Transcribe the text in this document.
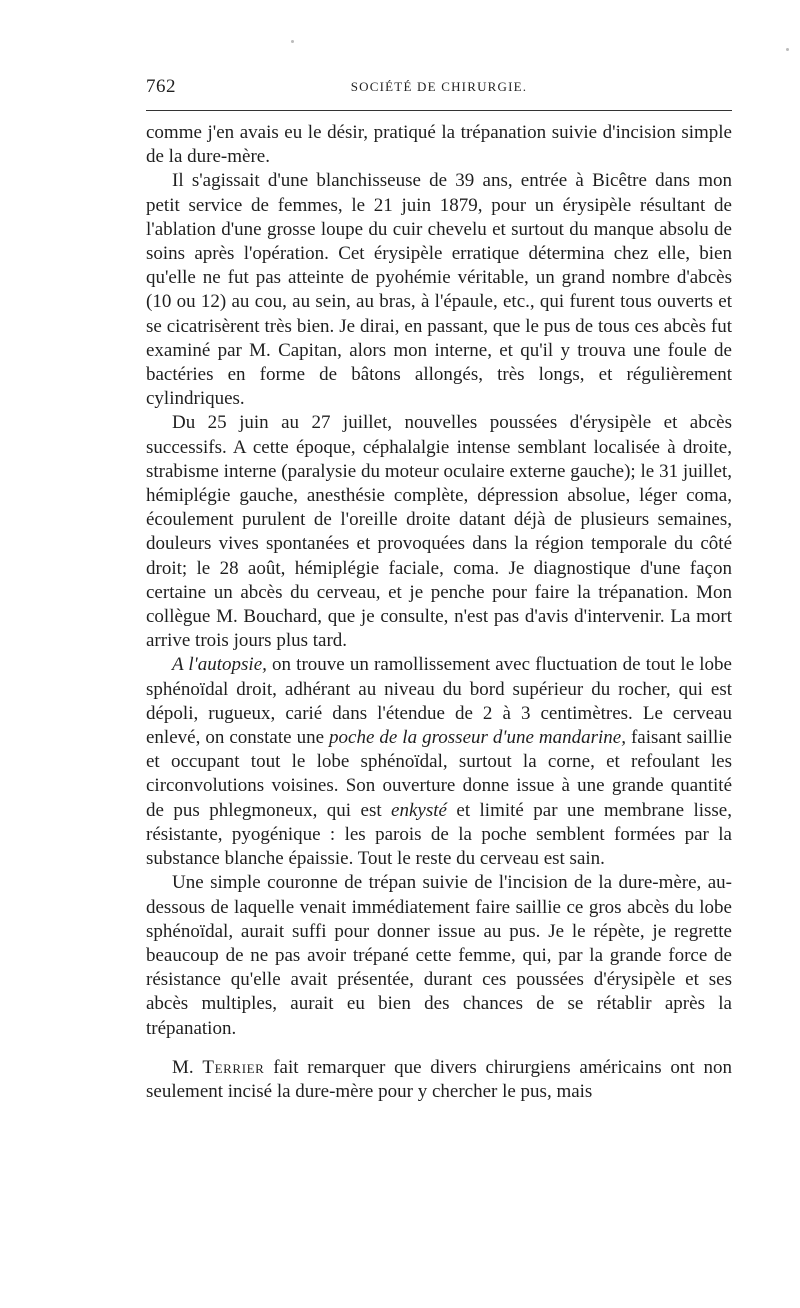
762	SOCIÉTÉ DE CHIRURGIE.

comme j'en avais eu le désir, pratiqué la trépanation suivie d'incision simple de la dure-mère.

Il s'agissait d'une blanchisseuse de 39 ans, entrée à Bicêtre dans mon petit service de femmes, le 21 juin 1879, pour un érysipèle résultant de l'ablation d'une grosse loupe du cuir chevelu et surtout du manque absolu de soins après l'opération. Cet érysipèle erratique détermina chez elle, bien qu'elle ne fut pas atteinte de pyohémie véritable, un grand nombre d'abcès (10 ou 12) au cou, au sein, au bras, à l'épaule, etc., qui furent tous ouverts et se cicatrisèrent très bien. Je dirai, en passant, que le pus de tous ces abcès fut examiné par M. Capitan, alors mon interne, et qu'il y trouva une foule de bactéries en forme de bâtons allongés, très longs, et régulièrement cylindriques.

Du 25 juin au 27 juillet, nouvelles poussées d'érysipèle et abcès successifs. A cette époque, céphalalgie intense semblant localisée à droite, strabisme interne (paralysie du moteur oculaire externe gauche); le 31 juillet, hémiplégie gauche, anesthésie complète, dépression absolue, léger coma, écoulement purulent de l'oreille droite datant déjà de plusieurs semaines, douleurs vives spontanées et provoquées dans la région temporale du côté droit; le 28 août, hémiplégie faciale, coma. Je diagnostique d'une façon certaine un abcès du cerveau, et je penche pour faire la trépanation. Mon collègue M. Bouchard, que je consulte, n'est pas d'avis d'intervenir. La mort arrive trois jours plus tard.

A l'autopsie, on trouve un ramollissement avec fluctuation de tout le lobe sphénoïdal droit, adhérant au niveau du bord supérieur du rocher, qui est dépoli, rugueux, carié dans l'étendue de 2 à 3 centimètres. Le cerveau enlevé, on constate une poche de la grosseur d'une mandarine, faisant saillie et occupant tout le lobe sphénoïdal, surtout la corne, et refoulant les circonvolutions voisines. Son ouverture donne issue à une grande quantité de pus phlegmoneux, qui est enkysté et limité par une membrane lisse, résistante, pyogénique : les parois de la poche semblent formées par la substance blanche épaissie. Tout le reste du cerveau est sain.

Une simple couronne de trépan suivie de l'incision de la dure-mère, au-dessous de laquelle venait immédiatement faire saillie ce gros abcès du lobe sphénoïdal, aurait suffi pour donner issue au pus. Je le répète, je regrette beaucoup de ne pas avoir trépané cette femme, qui, par la grande force de résistance qu'elle avait présentée, durant ces poussées d'érysipèle et ses abcès multiples, aurait eu bien des chances de se rétablir après la trépanation.

M. Terrier fait remarquer que divers chirurgiens américains ont non seulement incisé la dure-mère pour y chercher le pus, mais
